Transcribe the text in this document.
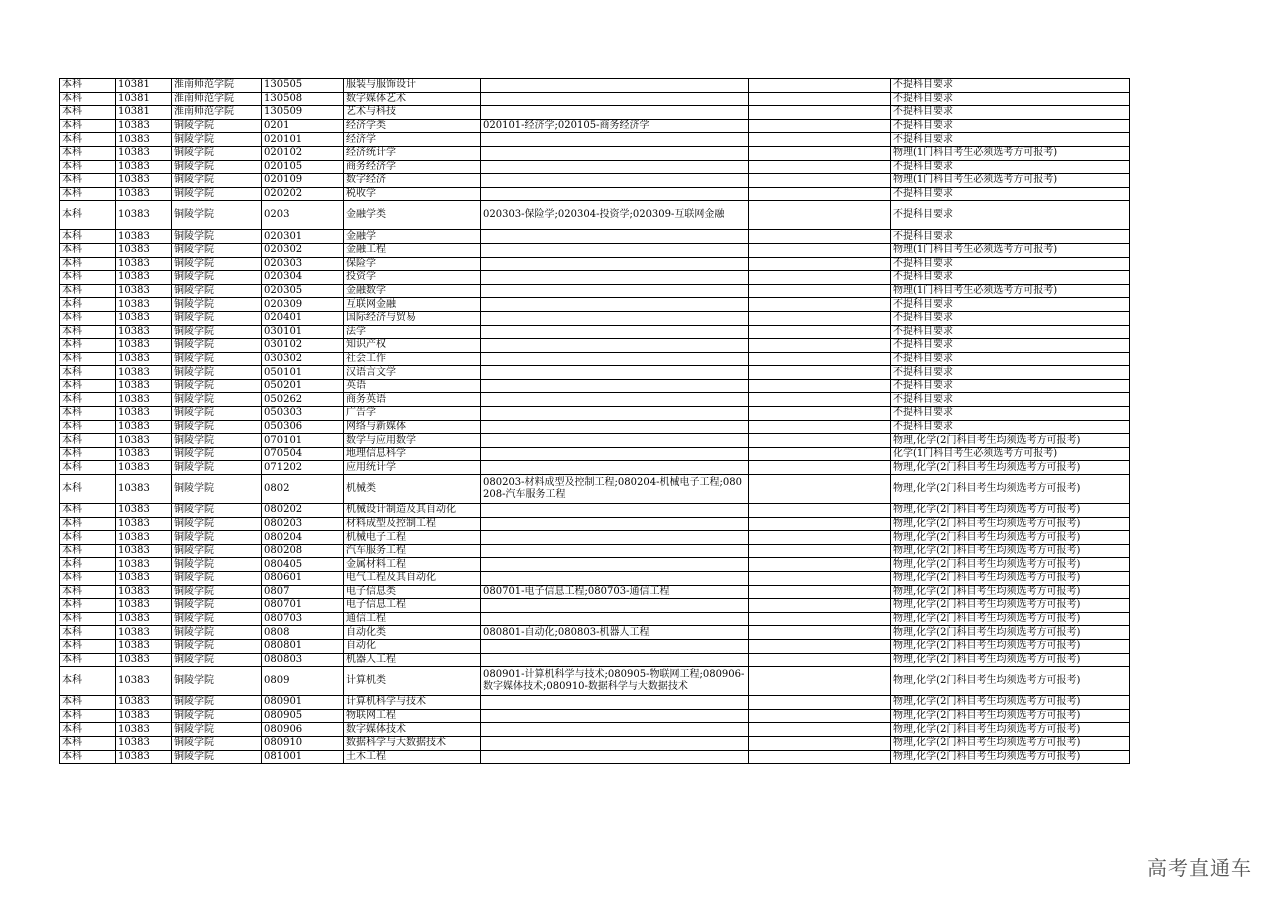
本科	10381	淮南师范学院	130505	服装与服饰设计			不提科目要求
本科	10381	淮南师范学院	130508	数字媒体艺术			不提科目要求
本科	10381	淮南师范学院	130509	艺术与科技			不提科目要求
本科	10383	铜陵学院	0201	经济学类	020101-经济学;020105-商务经济学		不提科目要求
本科	10383	铜陵学院	020101	经济学			不提科目要求
本科	10383	铜陵学院	020102	经济统计学			物理(1门科目考生必须选考方可报考)
本科	10383	铜陵学院	020105	商务经济学			不提科目要求
本科	10383	铜陵学院	020109	数字经济			物理(1门科目考生必须选考方可报考)
本科	10383	铜陵学院	020202	税收学			不提科目要求
本科	10383	铜陵学院	0203	金融学类	020303-保险学;020304-投资学;020309-互联网金融		不提科目要求
本科	10383	铜陵学院	020301	金融学			不提科目要求
本科	10383	铜陵学院	020302	金融工程			物理(1门科目考生必须选考方可报考)
本科	10383	铜陵学院	020303	保险学			不提科目要求
本科	10383	铜陵学院	020304	投资学			不提科目要求
本科	10383	铜陵学院	020305	金融数学			物理(1门科目考生必须选考方可报考)
本科	10383	铜陵学院	020309	互联网金融			不提科目要求
本科	10383	铜陵学院	020401	国际经济与贸易			不提科目要求
本科	10383	铜陵学院	030101	法学			不提科目要求
本科	10383	铜陵学院	030102	知识产权			不提科目要求
本科	10383	铜陵学院	030302	社会工作			不提科目要求
本科	10383	铜陵学院	050101	汉语言文学			不提科目要求
本科	10383	铜陵学院	050201	英语			不提科目要求
本科	10383	铜陵学院	050262	商务英语			不提科目要求
本科	10383	铜陵学院	050303	广告学			不提科目要求
本科	10383	铜陵学院	050306	网络与新媒体			不提科目要求
本科	10383	铜陵学院	070101	数学与应用数学			物理,化学(2门科目考生均须选考方可报考)
本科	10383	铜陵学院	070504	地理信息科学			化学(1门科目考生必须选考方可报考)
本科	10383	铜陵学院	071202	应用统计学			物理,化学(2门科目考生均须选考方可报考)
本科	10383	铜陵学院	0802	机械类	080203-材料成型及控制工程;080204-机械电子工程;080208-汽车服务工程		物理,化学(2门科目考生均须选考方可报考)
本科	10383	铜陵学院	080202	机械设计制造及其自动化			物理,化学(2门科目考生均须选考方可报考)
本科	10383	铜陵学院	080203	材料成型及控制工程			物理,化学(2门科目考生均须选考方可报考)
本科	10383	铜陵学院	080204	机械电子工程			物理,化学(2门科目考生均须选考方可报考)
本科	10383	铜陵学院	080208	汽车服务工程			物理,化学(2门科目考生均须选考方可报考)
本科	10383	铜陵学院	080405	金属材料工程			物理,化学(2门科目考生均须选考方可报考)
本科	10383	铜陵学院	080601	电气工程及其自动化			物理,化学(2门科目考生均须选考方可报考)
本科	10383	铜陵学院	0807	电子信息类	080701-电子信息工程;080703-通信工程		物理,化学(2门科目考生均须选考方可报考)
本科	10383	铜陵学院	080701	电子信息工程			物理,化学(2门科目考生均须选考方可报考)
本科	10383	铜陵学院	080703	通信工程			物理,化学(2门科目考生均须选考方可报考)
本科	10383	铜陵学院	0808	自动化类	080801-自动化;080803-机器人工程		物理,化学(2门科目考生均须选考方可报考)
本科	10383	铜陵学院	080801	自动化			物理,化学(2门科目考生均须选考方可报考)
本科	10383	铜陵学院	080803	机器人工程			物理,化学(2门科目考生均须选考方可报考)
本科	10383	铜陵学院	0809	计算机类	080901-计算机科学与技术;080905-物联网工程;080906-数字媒体技术;080910-数据科学与大数据技术		物理,化学(2门科目考生均须选考方可报考)
本科	10383	铜陵学院	080901	计算机科学与技术			物理,化学(2门科目考生均须选考方可报考)
本科	10383	铜陵学院	080905	物联网工程			物理,化学(2门科目考生均须选考方可报考)
本科	10383	铜陵学院	080906	数字媒体技术			物理,化学(2门科目考生均须选考方可报考)
本科	10383	铜陵学院	080910	数据科学与大数据技术			物理,化学(2门科目考生均须选考方可报考)
本科	10383	铜陵学院	081001	土木工程			物理,化学(2门科目考生均须选考方可报考)
高考直通车
